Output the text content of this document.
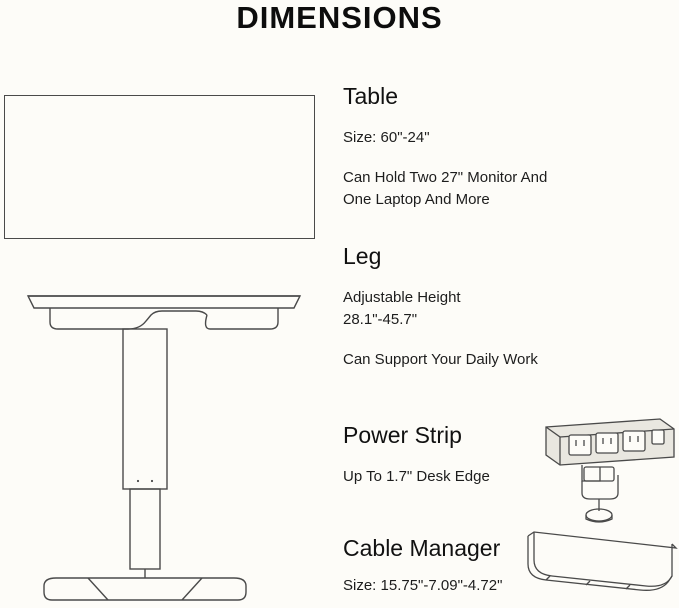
DIMENSIONS
Table
Size: 60"-24"
Can Hold Two 27" Monitor And
One Laptop And More
Leg
Adjustable Height
28.1"-45.7"
Can Support Your Daily Work
Power Strip
Up To 1.7" Desk Edge
Cable Manager
Size: 15.75"-7.09"-4.72"
